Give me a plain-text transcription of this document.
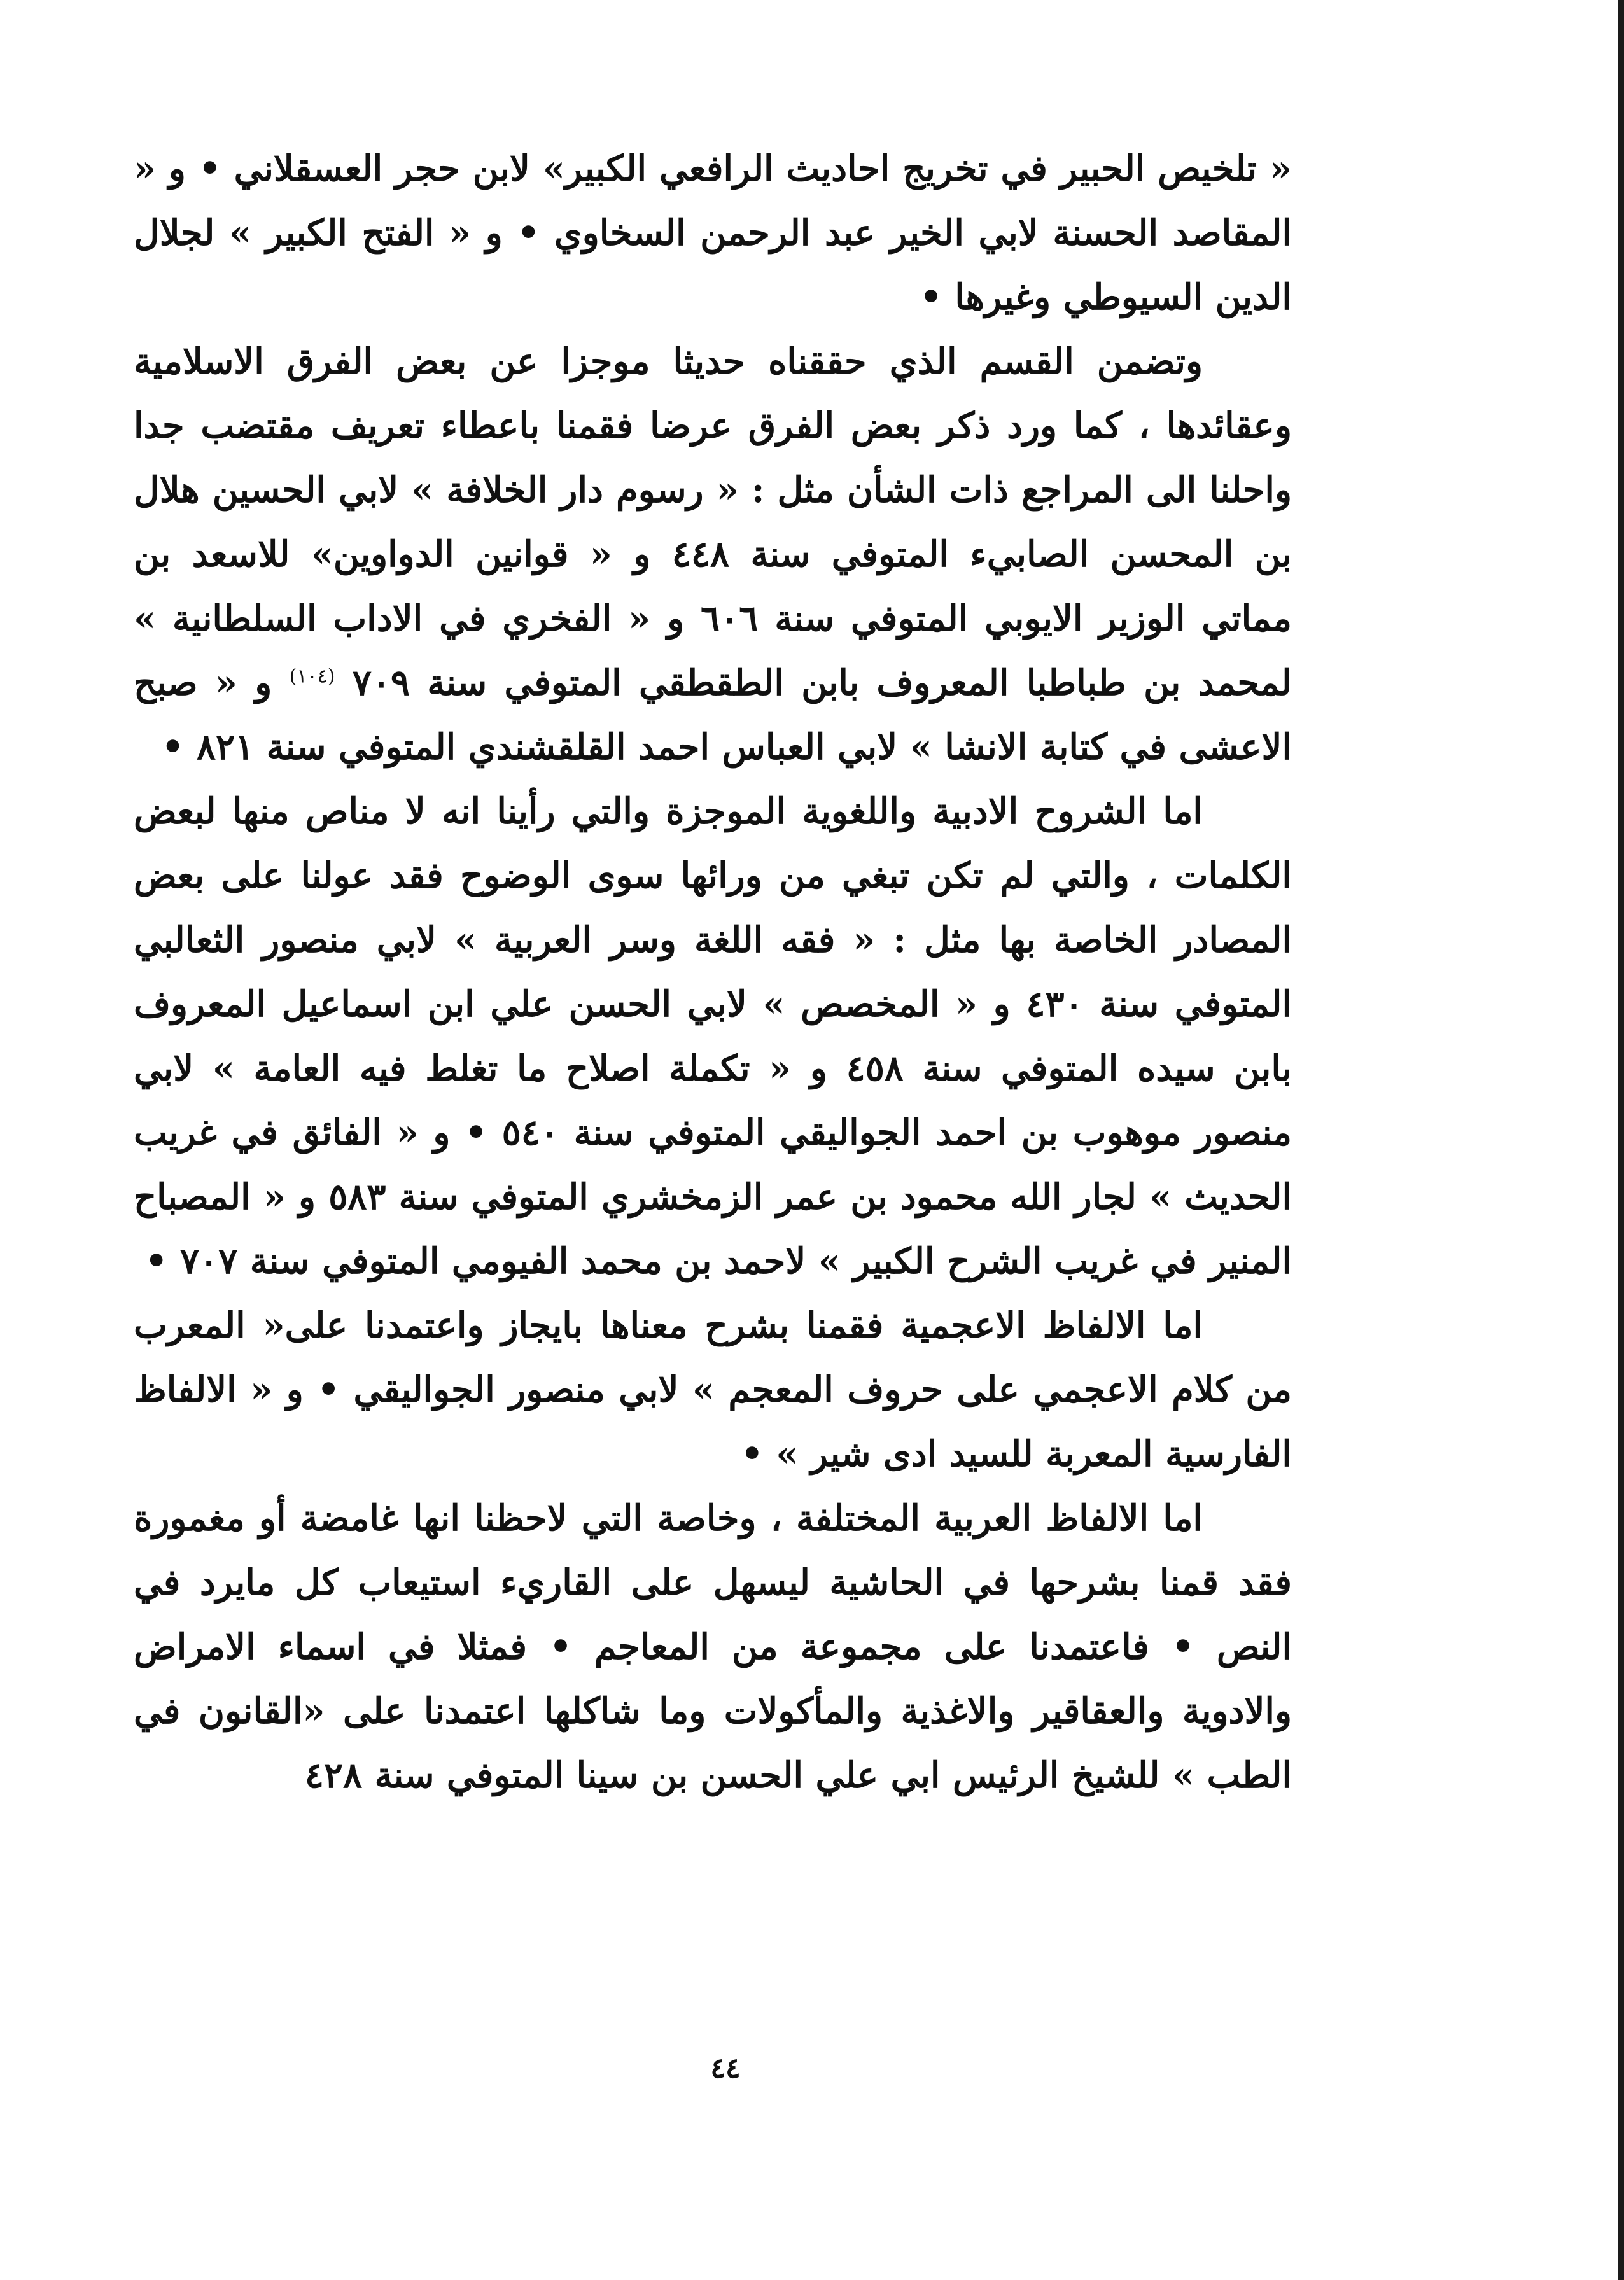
« تلخيص الحبير في تخريج احاديث الرافعي الكبير» لابن حجر العسقلاني • و « المقاصد الحسنة لابي الخير عبد الرحمن السخاوي • و « الفتح الكبير » لجلال الدين السيوطي وغيرها •

وتضمن القسم الذي حققناه حديثا موجزا عن بعض الفرق الاسلامية وعقائدها ، كما ورد ذكر بعض الفرق عرضا فقمنا باعطاء تعريف مقتضب جدا واحلنا الى المراجع ذات الشأن مثل : « رسوم دار الخلافة » لابي الحسين هلال بن المحسن الصابيء المتوفي سنة ٤٤٨ و « قوانين الدواوين» للاسعد بن مماتي الوزير الايوبي المتوفي سنة ٦٠٦ و « الفخري في الاداب السلطانية » لمحمد بن طباطبا المعروف بابن الطقطقي المتوفي سنة ٧٠٩ $^{(١٠٤)}$ و « صبح الاعشى في كتابة الانشا » لابي العباس احمد القلقشندي المتوفي سنة ٨٢١ •

اما الشروح الادبية واللغوية الموجزة والتي رأينا انه لا مناص منها لبعض الكلمات ، والتي لم تكن تبغي من ورائها سوى الوضوح فقد عولنا على بعض المصادر الخاصة بها مثل : « فقه اللغة وسر العربية » لابي منصور الثعالبي المتوفي سنة ٤٣٠ و « المخصص » لابي الحسن علي ابن اسماعيل المعروف بابن سيده المتوفي سنة ٤٥٨ و « تكملة اصلاح ما تغلط فيه العامة » لابي منصور موهوب بن احمد الجواليقي المتوفي سنة ٥٤٠ • و « الفائق في غريب الحديث » لجار الله محمود بن عمر الزمخشري المتوفي سنة ٥٨٣ و « المصباح المنير في غريب الشرح الكبير » لاحمد بن محمد الفيومي المتوفي سنة ٧٠٧ •

اما الالفاظ الاعجمية فقمنا بشرح معناها بايجاز واعتمدنا على« المعرب من كلام الاعجمي على حروف المعجم » لابي منصور الجواليقي • و « الالفاظ الفارسية المعربة للسيد ادى شير » •

اما الالفاظ العربية المختلفة ، وخاصة التي لاحظنا انها غامضة أو مغمورة فقد قمنا بشرحها في الحاشية ليسهل على القاريء استيعاب كل مايرد في النص • فاعتمدنا على مجموعة من المعاجم • فمثلا في اسماء الامراض والادوية والعقاقير والاغذية والمأكولات وما شاكلها اعتمدنا على «القانون في الطب » للشيخ الرئيس ابي علي الحسن بن سينا المتوفي سنة ٤٢٨

٤٤
